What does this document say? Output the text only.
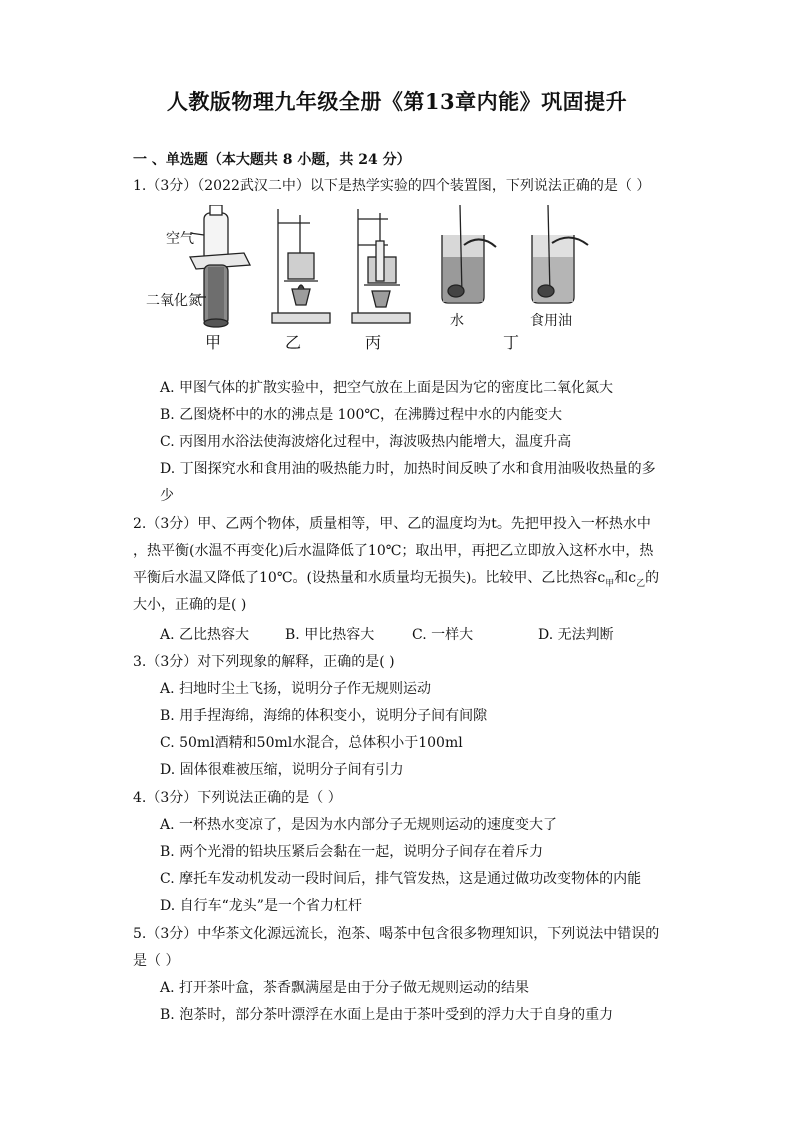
人教版物理九年级全册《第13章内能》巩固提升
一 、单选题（本大题共 8 小题，共 24 分）
1.（3分）（2022武汉二中）以下是热学实验的四个装置图，下列说法正确的是（ ）
空气
二氧化氮
甲	乙	丙
水	食用油
丁
A. 甲图气体的扩散实验中，把空气放在上面是因为它的密度比二氧化氮大
B. 乙图烧杯中的水的沸点是 100℃，在沸腾过程中水的内能变大
C. 丙图用水浴法使海波熔化过程中，海波吸热内能增大，温度升高
D. 丁图探究水和食用油的吸热能力时，加热时间反映了水和食用油吸收热量的多
少
2.（3分）甲、乙两个物体，质量相等，甲、乙的温度均为t。先把甲投入一杯热水中
，热平衡(水温不再变化)后水温降低了10℃；取出甲，再把乙立即放入这杯水中，热
平衡后水温又降低了10℃。(设热量和水质量均无损失)。比较甲、乙比热容$c_甲$和$c_乙$的
大小，正确的是( )
A. 乙比热容大	B. 甲比热容大	C. 一样大	D. 无法判断
3.（3分）对下列现象的解释，正确的是( )
A. 扫地时尘土飞扬，说明分子作无规则运动
B. 用手捏海绵，海绵的体积变小，说明分子间有间隙
C. 50ml酒精和50ml水混合，总体积小于100ml
D. 固体很难被压缩，说明分子间有引力
4.（3分）下列说法正确的是（ ）
A. 一杯热水变凉了，是因为水内部分子无规则运动的速度变大了
B. 两个光滑的铅块压紧后会黏在一起，说明分子间存在着斥力
C. 摩托车发动机发动一段时间后，排气管发热，这是通过做功改变物体的内能
D. 自行车“龙头”是一个省力杠杆
5.（3分）中华茶文化源远流长，泡茶、喝茶中包含很多物理知识，下列说法中错误的
是（ ）
A. 打开茶叶盒，茶香飘满屋是由于分子做无规则运动的结果
B. 泡茶时，部分茶叶漂浮在水面上是由于茶叶受到的浮力大于自身的重力
